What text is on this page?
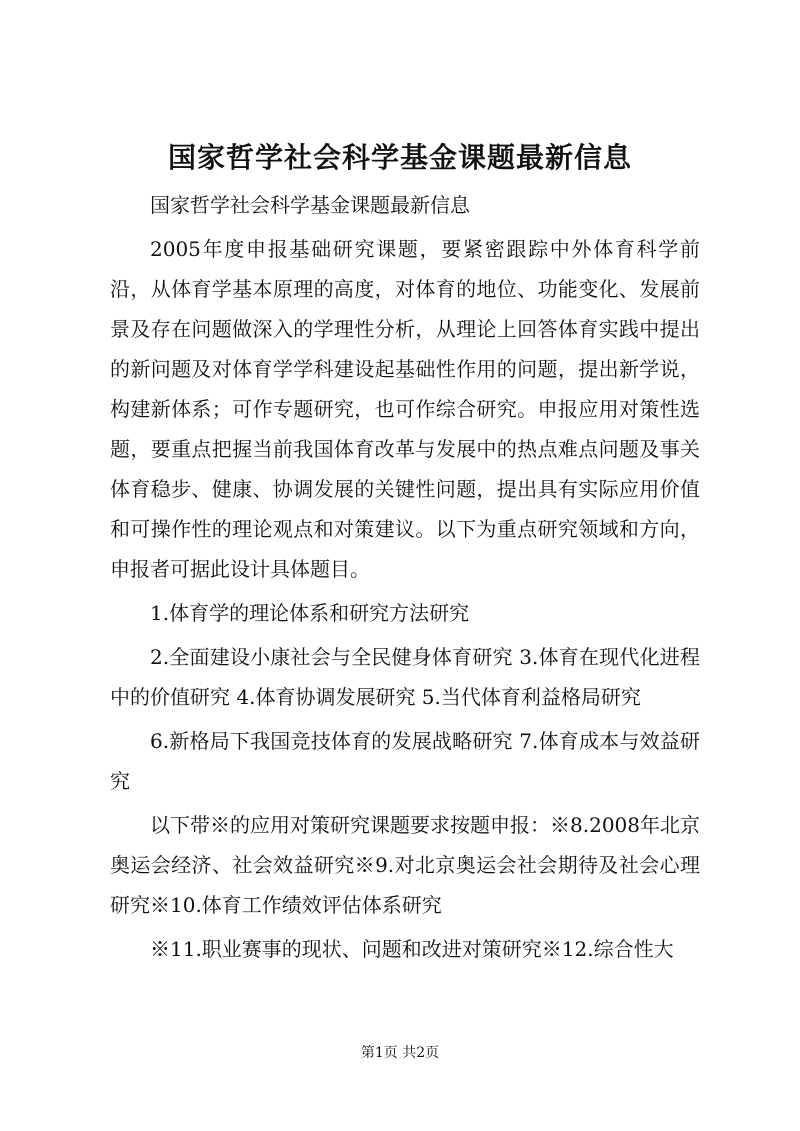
国家哲学社会科学基金课题最新信息

国家哲学社会科学基金课题最新信息

2005年度申报基础研究课题，要紧密跟踪中外体育科学前沿，从体育学基本原理的高度，对体育的地位、功能变化、发展前景及存在问题做深入的学理性分析，从理论上回答体育实践中提出的新问题及对体育学学科建设起基础性作用的问题，提出新学说，构建新体系；可作专题研究，也可作综合研究。申报应用对策性选题，要重点把握当前我国体育改革与发展中的热点难点问题及事关体育稳步、健康、协调发展的关键性问题，提出具有实际应用价值和可操作性的理论观点和对策建议。以下为重点研究领域和方向，申报者可据此设计具体题目。

1.体育学的理论体系和研究方法研究

2.全面建设小康社会与全民健身体育研究 3.体育在现代化进程中的价值研究 4.体育协调发展研究 5.当代体育利益格局研究

6.新格局下我国竞技体育的发展战略研究 7.体育成本与效益研究

以下带※的应用对策研究课题要求按题申报：※8.2008年北京奥运会经济、社会效益研究※9.对北京奥运会社会期待及社会心理研究※10.体育工作绩效评估体系研究

※11.职业赛事的现状、问题和改进对策研究※12.综合性大

第1页 共2页
